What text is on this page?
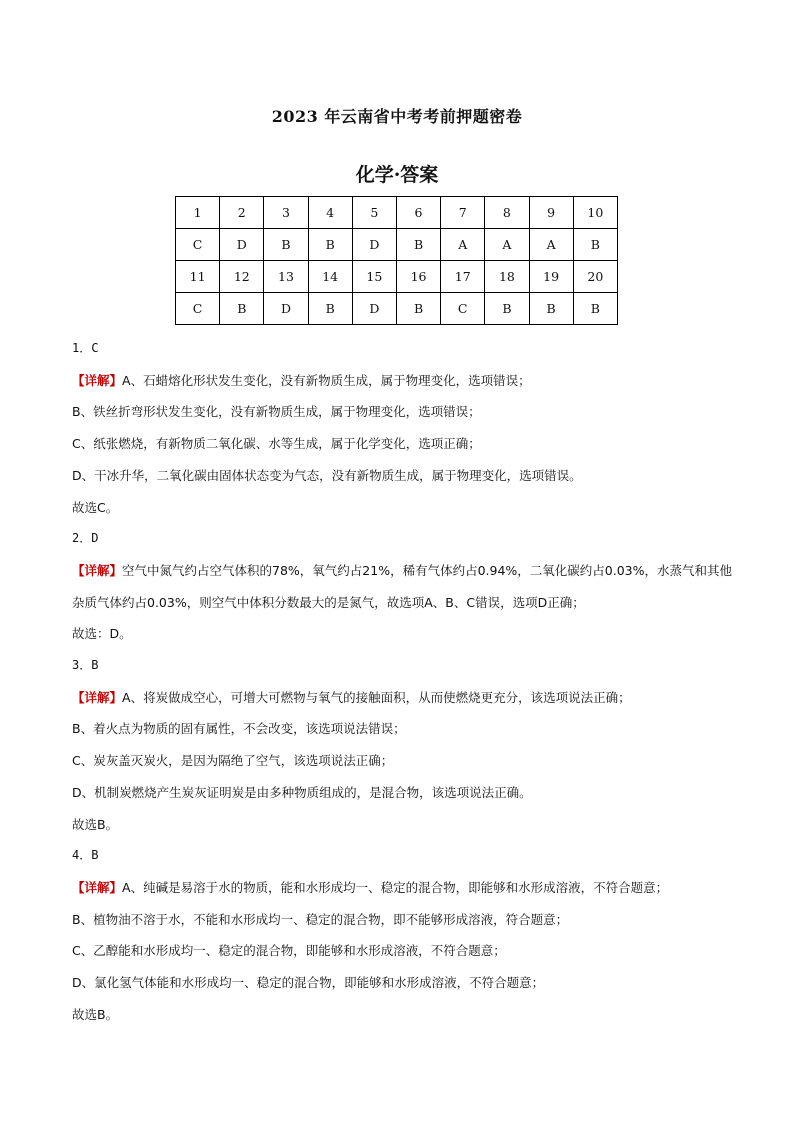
2023 年云南省中考考前押题密卷
化学·答案
1	2	3	4	5	6	7	8	9	10
C	D	B	B	D	B	A	A	A	B
11	12	13	14	15	16	17	18	19	20
C	B	D	B	D	B	C	B	B	B

1．C

【详解】A、石蜡熔化形状发生变化，没有新物质生成，属于物理变化，选项错误；

B、铁丝折弯形状发生变化，没有新物质生成，属于物理变化，选项错误；

C、纸张燃烧，有新物质二氧化碳、水等生成，属于化学变化，选项正确；

D、干冰升华，二氧化碳由固体状态变为气态，没有新物质生成，属于物理变化，选项错误。

故选C。

2．D

【详解】空气中氮气约占空气体积的78%，氧气约占21%，稀有气体约占0.94%，二氧化碳约占0.03%，水蒸气和其他杂质气体约占0.03%，则空气中体积分数最大的是氮气，故选项A、B、C错误，选项D正确；

故选：D。

3．B

【详解】A、将炭做成空心，可增大可燃物与氧气的接触面积，从而使燃烧更充分，该选项说法正确；

B、着火点为物质的固有属性，不会改变，该选项说法错误；

C、炭灰盖灭炭火，是因为隔绝了空气，该选项说法正确；

D、机制炭燃烧产生炭灰证明炭是由多种物质组成的，是混合物，该选项说法正确。

故选B。

4．B

【详解】A、纯碱是易溶于水的物质，能和水形成均一、稳定的混合物，即能够和水形成溶液，不符合题意；

B、植物油不溶于水，不能和水形成均一、稳定的混合物，即不能够形成溶液，符合题意；

C、乙醇能和水形成均一、稳定的混合物，即能够和水形成溶液，不符合题意；

D、氯化氢气体能和水形成均一、稳定的混合物，即能够和水形成溶液，不符合题意；

故选B。
